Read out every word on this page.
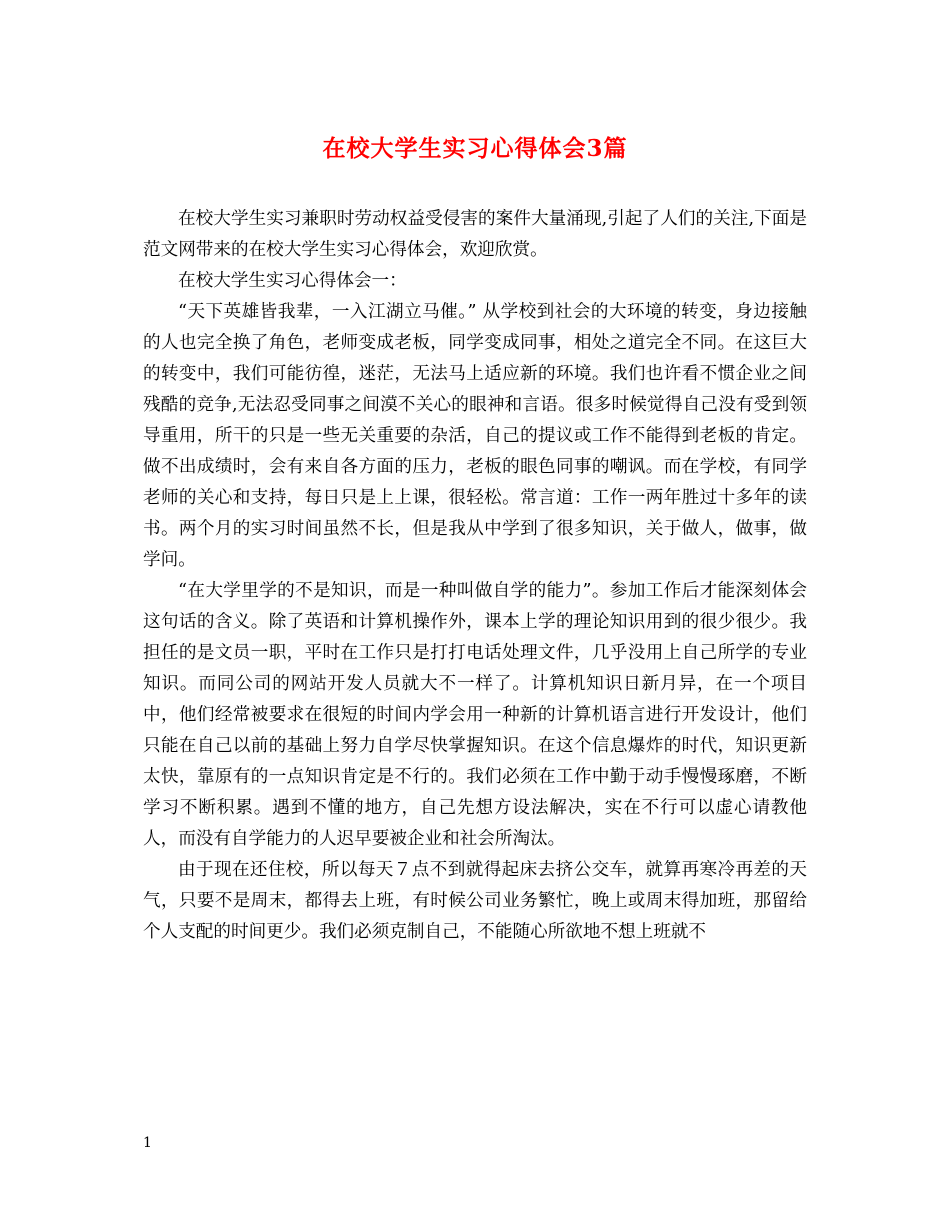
在校大学生实习心得体会3篇

在校大学生实习兼职时劳动权益受侵害的案件大量涌现,引起了人们的关注,下面是范文网带来的在校大学生实习心得体会，欢迎欣赏。

在校大学生实习心得体会一：

“天下英雄皆我辈，一入江湖立马催。” 从学校到社会的大环境的转变，身边接触的人也完全换了角色，老师变成老板，同学变成同事，相处之道完全不同。在这巨大的转变中，我们可能彷徨，迷茫，无法马上适应新的环境。我们也许看不惯企业之间残酷的竞争,无法忍受同事之间漠不关心的眼神和言语。很多时候觉得自己没有受到领导重用，所干的只是一些无关重要的杂活，自己的提议或工作不能得到老板的肯定。做不出成绩时，会有来自各方面的压力，老板的眼色同事的嘲讽。而在学校，有同学老师的关心和支持，每日只是上上课，很轻松。常言道：工作一两年胜过十多年的读书。两个月的实习时间虽然不长，但是我从中学到了很多知识，关于做人，做事，做学问。

“在大学里学的不是知识，而是一种叫做自学的能力”。参加工作后才能深刻体会这句话的含义。除了英语和计算机操作外，课本上学的理论知识用到的很少很少。我担任的是文员一职，平时在工作只是打打电话处理文件，几乎没用上自己所学的专业知识。而同公司的网站开发人员就大不一样了。计算机知识日新月异，在一个项目中，他们经常被要求在很短的时间内学会用一种新的计算机语言进行开发设计，他们只能在自己以前的基础上努力自学尽快掌握知识。在这个信息爆炸的时代，知识更新太快，靠原有的一点知识肯定是不行的。我们必须在工作中勤于动手慢慢琢磨，不断学习不断积累。遇到不懂的地方，自己先想方设法解决，实在不行可以虚心请教他人，而没有自学能力的人迟早要被企业和社会所淘汰。

由于现在还住校，所以每天７点不到就得起床去挤公交车，就算再寒冷再差的天气，只要不是周末，都得去上班，有时候公司业务繁忙，晚上或周末得加班，那留给个人支配的时间更少。我们必须克制自己，不能随心所欲地不想上班就不

1
